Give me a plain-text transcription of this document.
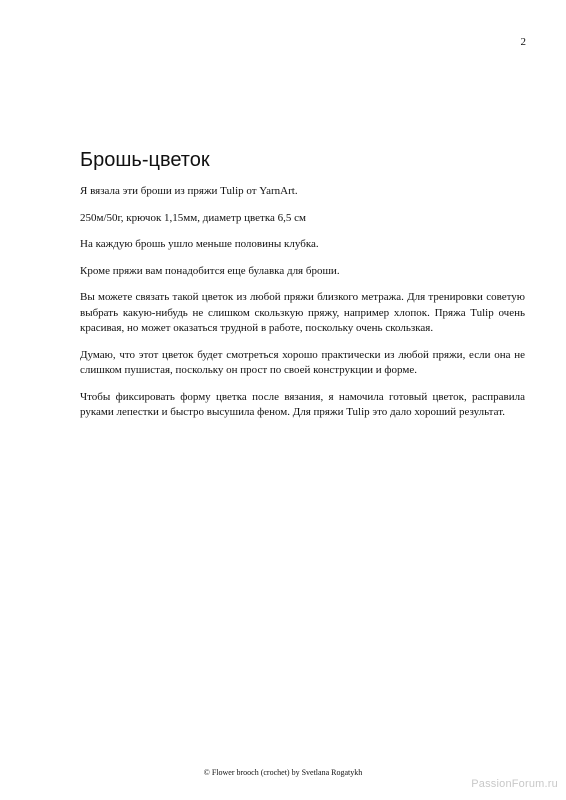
2
Брошь-цветок

Я вязала эти броши из пряжи Tulip от YarnArt.

250м/50г, крючок 1,15мм, диаметр цветка 6,5 см

На каждую брошь ушло меньше половины клубка.

Кроме пряжи вам понадобится еще булавка для броши.

Вы можете связать такой цветок из любой пряжи близкого метража. Для тренировки советую выбрать какую-нибудь не слишком скользкую пряжу, например хлопок. Пряжа Tulip очень красивая, но может оказаться трудной в работе, поскольку очень скользкая.

Думаю, что этот цветок будет смотреться хорошо практически из любой пряжи, если она не слишком пушистая, поскольку он прост по своей конструкции и форме.

Чтобы фиксировать форму цветка после вязания, я намочила готовый цветок, расправила руками лепестки и быстро высушила феном. Для пряжи Tulip это дало хороший результат.

© Flower brooch (crochet) by Svetlana Rogatykh
PassionForum.ru
